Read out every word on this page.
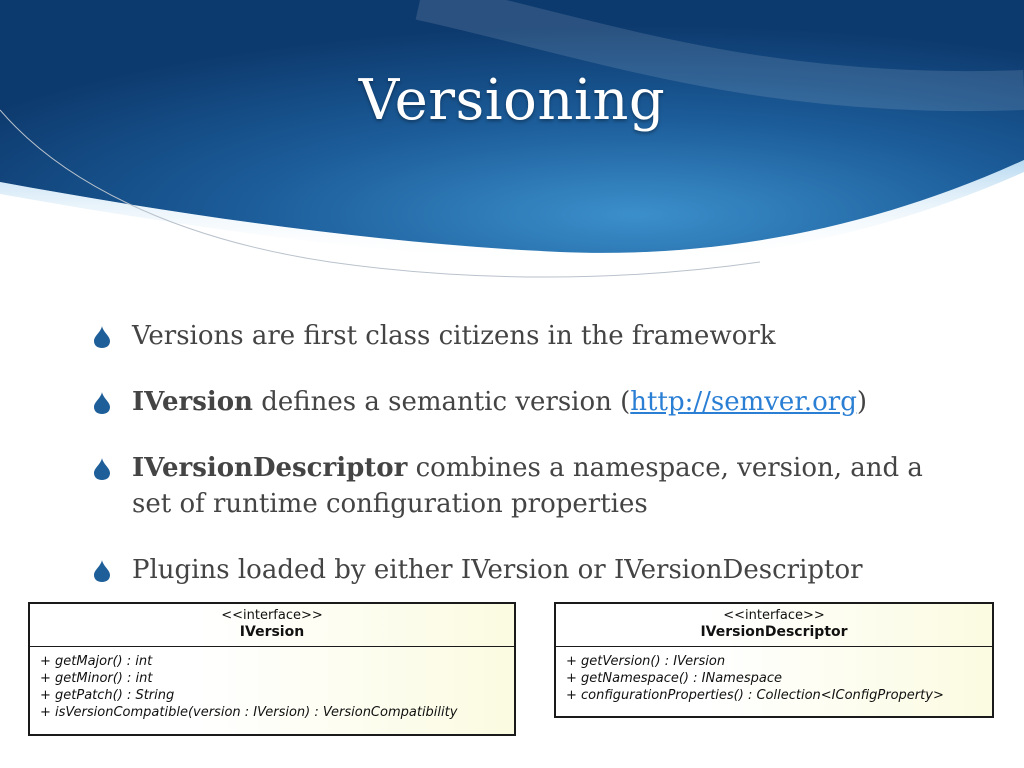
Versioning
Versions are first class citizens in the framework
IVersion defines a semantic version (http://semver.org)
IVersionDescriptor combines a namespace, version, and a set of runtime configuration properties
Plugins loaded by either IVersion or IVersionDescriptor
<<interface>>
IVersion
+ getMajor() : int
+ getMinor() : int
+ getPatch() : String
+ isVersionCompatible(version : IVersion) : VersionCompatibility
<<interface>>
IVersionDescriptor
+ getVersion() : IVersion
+ getNamespace() : INamespace
+ configurationProperties() : Collection<IConfigProperty>
